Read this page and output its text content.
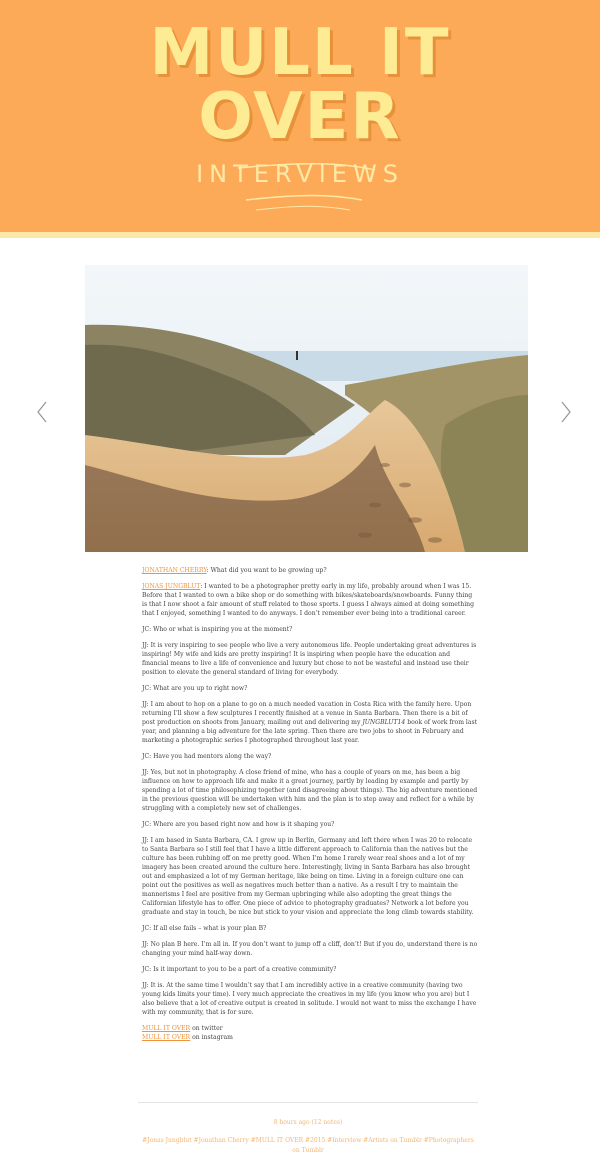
MULL IT
OVER
INTERVIEWS

JONATHAN CHERRY: What did you want to be growing up?

JONAS JUNGBLUT: I wanted to be a photographer pretty early in my life, probably around when I was 15. Before that I wanted to own a bike shop or do something with bikes/skateboards/snowboards. Funny thing is that I now shoot a fair amount of stuff related to those sports. I guess I always aimed at doing something that I enjoyed, something I wanted to do anyways. I don’t remember ever being into a traditional career.

JC: Who or what is inspiring you at the moment?

JJ: It is very inspiring to see people who live a very autonomous life. People undertaking great adventures is inspiring! My wife and kids are pretty inspiring! It is inspiring when people have the education and financial means to live a life of convenience and luxury but chose to not be wasteful and instead use their position to elevate the general standard of living for everybody.

JC: What are you up to right now?

JJ: I am about to hop on a plane to go on a much needed vacation in Costa Rica with the family here. Upon returning I’ll show a few sculptures I recently finished at a venue in Santa Barbara. Then there is a bit of post production on shoots from January, mailing out and delivering my JUNGBLUT14 book of work from last year, and planning a big adventure for the late spring. Then there are two jobs to shoot in February and marketing a photographic series I photographed throughout last year.

JC: Have you had mentors along the way?

JJ: Yes, but not in photography. A close friend of mine, who has a couple of years on me, has been a big influence on how to approach life and make it a great journey, partly by leading by example and partly by spending a lot of time philosophizing together (and disagreeing about things). The big adventure mentioned in the previous question will be undertaken with him and the plan is to step away and reflect for a while by struggling with a completely new set of challenges.

JC: Where are you based right now and how is it shaping you?

JJ: I am based in Santa Barbara, CA. I grew up in Berlin, Germany and left there when I was 20 to relocate to Santa Barbara so I still feel that I have a little different approach to California than the natives but the culture has been rubbing off on me pretty good. When I’m home I rarely wear real shoes and a lot of my imagery has been created around the culture here. Interestingly, living in Santa Barbara has also brought out and emphasized a lot of my German heritage, like being on time. Living in a foreign culture one can point out the positives as well as negatives much better than a native. As a result I try to maintain the mannerisms I feel are positive from my German upbringing while also adopting the great things the Californian lifestyle has to offer. One piece of advice to photography graduates? Network a lot before you graduate and stay in touch, be nice but stick to your vision and appreciate the long climb towards stability.

JC: If all else fails – what is your plan B?

JJ: No plan B here. I’m all in. If you don’t want to jump off a cliff, don’t! But if you do, understand there is no changing your mind half-way down.

JC: Is it important to you to be a part of a creative community?

JJ: It is. At the same time I wouldn’t say that I am incredibly active in a creative community (having two young kids limits your time). I very much appreciate the creatives in my life (you know who you are) but I also believe that a lot of creative output is created in solitude. I would not want to miss the exchange I have with my community, that is for sure.

MULL IT OVER on twitter
MULL IT OVER on instagram
8 hours ago (12 notes)
#Jonas Jungblut #Jonathan Cherry #MULL IT OVER #2015 #Interview #Artists on Tumblr #Photographers on Tumblr
